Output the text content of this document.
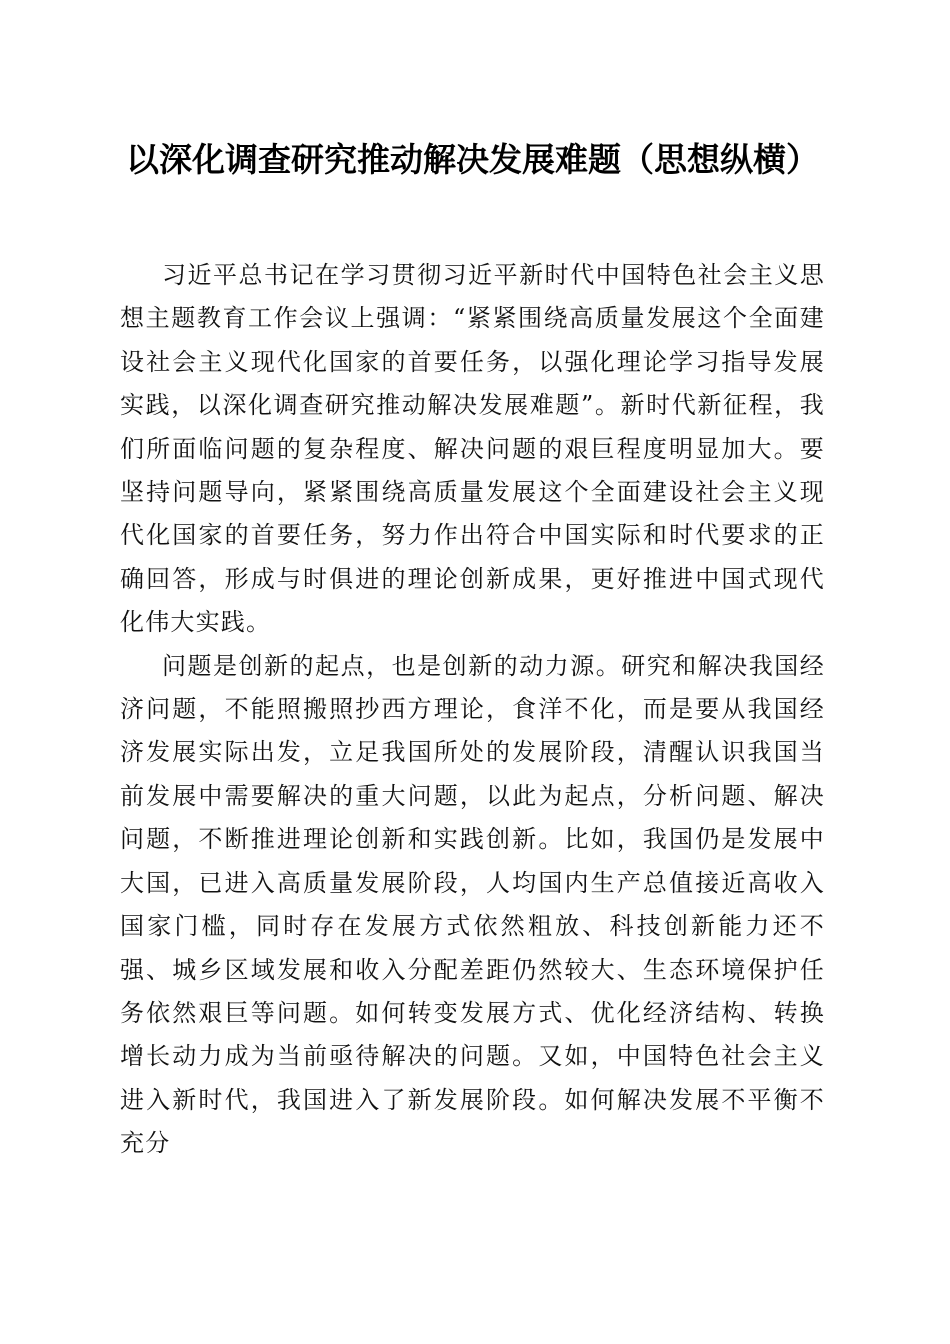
以深化调查研究推动解决发展难题（思想纵横）

习近平总书记在学习贯彻习近平新时代中国特色社会主义思想主题教育工作会议上强调：“紧紧围绕高质量发展这个全面建设社会主义现代化国家的首要任务，以强化理论学习指导发展实践，以深化调查研究推动解决发展难题”。新时代新征程，我们所面临问题的复杂程度、解决问题的艰巨程度明显加大。要坚持问题导向，紧紧围绕高质量发展这个全面建设社会主义现代化国家的首要任务，努力作出符合中国实际和时代要求的正确回答，形成与时俱进的理论创新成果，更好推进中国式现代化伟大实践。

问题是创新的起点，也是创新的动力源。研究和解决我国经济问题，不能照搬照抄西方理论，食洋不化，而是要从我国经济发展实际出发，立足我国所处的发展阶段，清醒认识我国当前发展中需要解决的重大问题，以此为起点，分析问题、解决问题，不断推进理论创新和实践创新。比如，我国仍是发展中大国，已进入高质量发展阶段，人均国内生产总值接近高收入国家门槛，同时存在发展方式依然粗放、科技创新能力还不强、城乡区域发展和收入分配差距仍然较大、生态环境保护任务依然艰巨等问题。如何转变发展方式、优化经济结构、转换增长动力成为当前亟待解决的问题。又如，中国特色社会主义进入新时代，我国进入了新发展阶段。如何解决发展不平衡不充分
